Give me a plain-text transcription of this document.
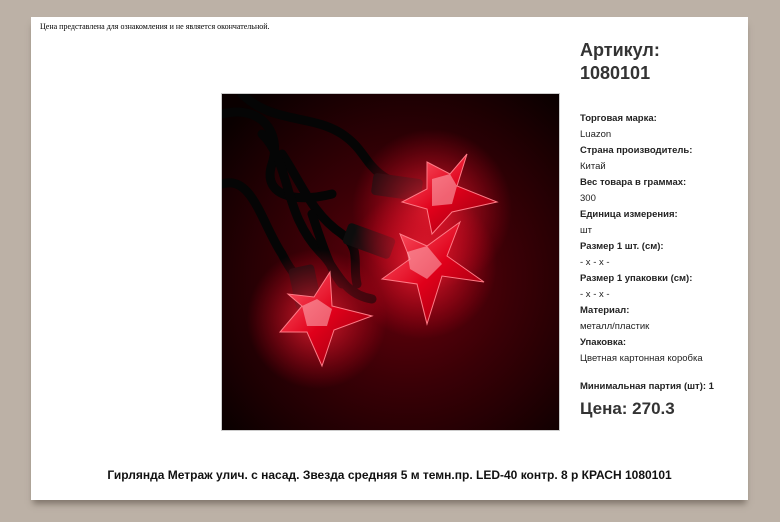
Цена представлена для ознакомления и не является окончательной.
Артикул:
1080101
Торговая марка:
Luazon
Страна производитель:
Китай
Вес товара в граммах:
300
Единица измерения:
шт
Размер 1 шт. (см):
- x - x -
Размер 1 упаковки (см):
- x - x -
Материал:
металл/пластик
Упаковка:
Цветная картонная коробка
Минимальная партия (шт): 1
Цена: 270.3
Гирлянда Метраж улич. с насад. Звезда средняя 5 м темн.пр. LED-40 контр. 8 р КРАСН 1080101
